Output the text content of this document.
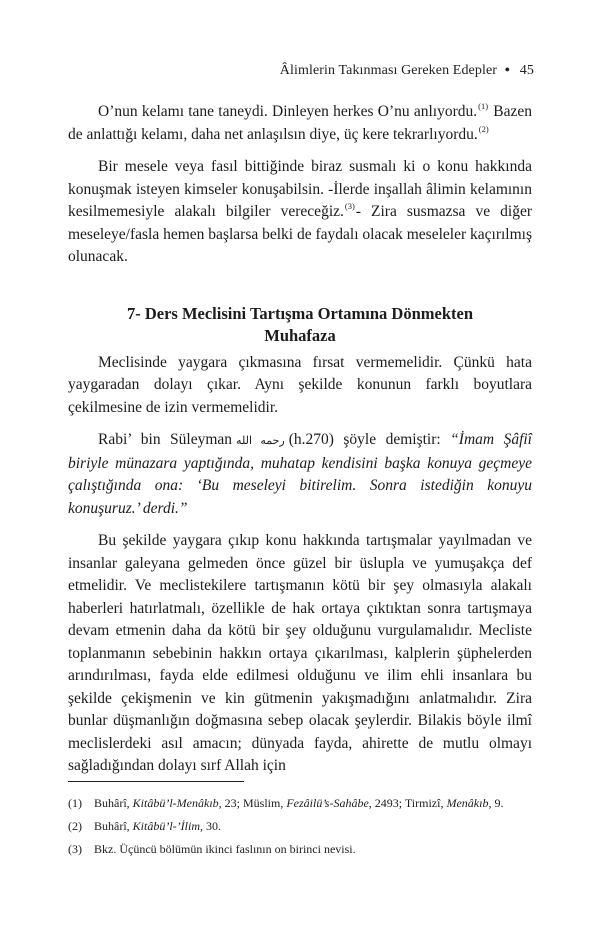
Âlimlerin Takınması Gereken Edepler ● 45

O’nun kelamı tane taneydi. Dinleyen herkes O’nu anlıyordu.$^{(1)}$ Bazen de anlattığı kelamı, daha net anlaşılsın diye, üç kere tekrarlıyordu.$^{(2)}$

Bir mesele veya fasıl bittiğinde biraz susmalı ki o konu hakkında konuşmak isteyen kimseler konuşabilsin. -İlerde inşallah âlimin kelamının kesilmemesiyle alakalı bilgiler vereceğiz.$^{(3)}$- Zira susmazsa ve diğer meseleye/fasla hemen başlarsa belki de faydalı olacak meseleler kaçırılmış olunacak.

7- Ders Meclisini Tartışma Ortamına Dönmekten
Muhafaza

Meclisinde yaygara çıkmasına fırsat vermemelidir. Çünkü hata yaygaradan dolayı çıkar. Aynı şekilde konunun farklı boyutlara çekilmesine de izin vermemelidir.

Rabi’ bin Süleyman رحمه الله (h.270) şöyle demiştir: “İmam Şâfiî biriyle münazara yaptığında, muhatap kendisini başka konuya geçmeye çalıştığında ona: ‘Bu meseleyi bitirelim. Sonra istediğin konuyu konuşuruz.’ derdi.”

Bu şekilde yaygara çıkıp konu hakkında tartışmalar yayılmadan ve insanlar galeyana gelmeden önce güzel bir üslupla ve yumuşakça def etmelidir. Ve meclistekilere tartışmanın kötü bir şey olmasıyla alakalı haberleri hatırlatmalı, özellikle de hak ortaya çıktıktan sonra tartışmaya devam etmenin daha da kötü bir şey olduğunu vurgulamalıdır. Mecliste toplanmanın sebebinin hakkın ortaya çıkarılması, kalplerin şüphelerden arındırılması, fayda elde edilmesi olduğunu ve ilim ehli insanlara bu şekilde çekişmenin ve kin gütmenin yakışmadığını anlatmalıdır. Zira bunlar düşmanlığın doğmasına sebep olacak şeylerdir. Bilakis böyle ilmî meclislerdeki asıl amacın; dünyada fayda, ahirette de mutlu olmayı sağladığından dolayı sırf Allah için

(1)	Buhârî, Kitâbü’l-Menâkıb, 23; Müslim, Fezâilü’s-Sahâbe, 2493; Tirmizî, Menâkıb, 9.
(2)	Buhârî, Kitâbü’l-’İlim, 30.
(3)	Bkz. Üçüncü bölümün ikinci faslının on birinci nevisi.
